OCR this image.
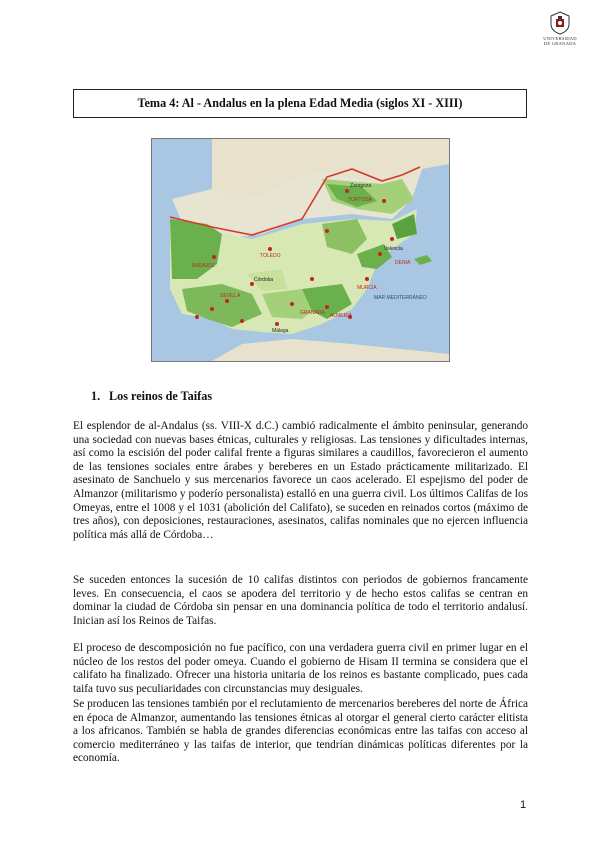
UNIVERSIDAD
DE GRANADA
Tema 4: Al - Andalus en la plena Edad Media (siglos XI - XIII)
Zaragoza
TORTOSA
TOLEDO
BADAJOZ
Valencia
DENIA
MURCIA
SEVILLA
GRANADA ALMERÍA
Málaga
Córdoba
MAR MEDITERRÁNEO
1. Los reinos de Taifas

El esplendor de al-Andalus (ss. VIII-X d.C.) cambió radicalmente el ámbito peninsular, generando una sociedad con nuevas bases étnicas, culturales y religiosas. Las tensiones y dificultades internas, así como la escisión del poder califal frente a figuras similares a caudillos, favorecieron el aumento de las tensiones sociales entre árabes y bereberes en un Estado prácticamente militarizado. El asesinato de Sanchuelo y sus mercenarios favorece un caos acelerado. El espejismo del poder de Almanzor (militarismo y poderío personalista) estalló en una guerra civil. Los últimos Califas de los Omeyas, entre el 1008 y el 1031 (abolición del Califato), se suceden en reinados cortos (máximo de tres años), con deposiciones, restauraciones, asesinatos, califas nominales que no ejercen influencia política más allá de Córdoba…

Se suceden entonces la sucesión de 10 califas distintos con periodos de gobiernos francamente leves. En consecuencia, el caos se apodera del territorio y de hecho estos califas se centran en dominar la ciudad de Córdoba sin pensar en una dominancia política de todo el territorio andalusí. Inician así los Reinos de Taifas.

El proceso de descomposición no fue pacífico, con una verdadera guerra civil en primer lugar en el núcleo de los restos del poder omeya. Cuando el gobierno de Hisam II termina se considera que el califato ha finalizado. Ofrecer una historia unitaria de los reinos es bastante complicado, pues cada taifa tuvo sus peculiaridades con circunstancias muy desiguales.

Se producen las tensiones también por el reclutamiento de mercenarios bereberes del norte de África en época de Almanzor, aumentando las tensiones étnicas al otorgar el general cierto carácter elitista a los africanos. También se habla de grandes diferencias económicas entre las taifas con acceso al comercio mediterráneo y las taifas de interior, que tendrían dinámicas políticas diferentes por la economía.

1
